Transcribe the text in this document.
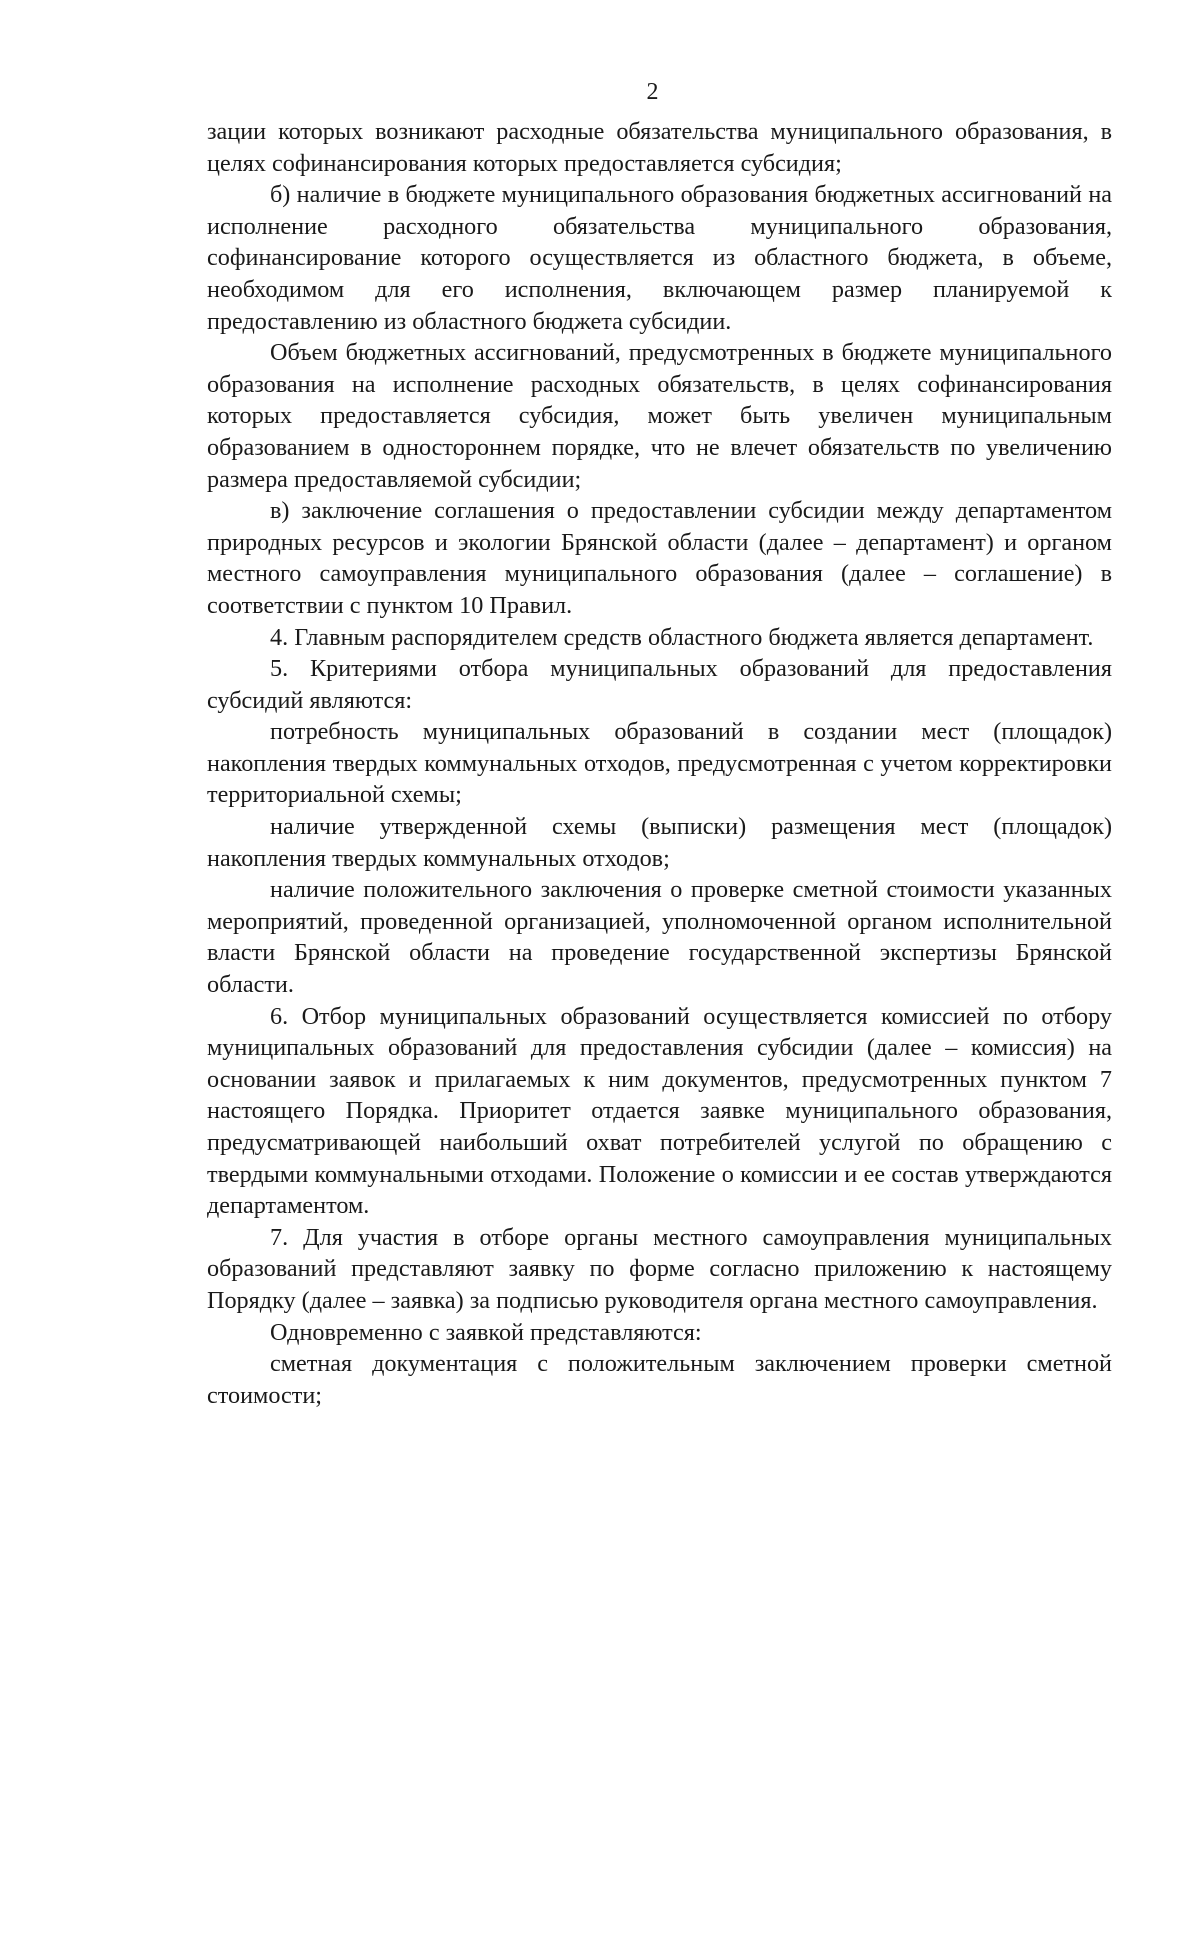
2

зации которых возникают расходные обязательства муниципального образования, в целях софинансирования которых предоставляется субсидия;

б) наличие в бюджете муниципального образования бюджетных ассигнований на исполнение расходного обязательства муниципального образования, софинансирование которого осуществляется из областного бюджета, в объеме, необходимом для его исполнения, включающем размер планируемой к предоставлению из областного бюджета субсидии.

Объем бюджетных ассигнований, предусмотренных в бюджете муниципального образования на исполнение расходных обязательств, в целях софинансирования которых предоставляется субсидия, может быть увеличен муниципальным образованием в одностороннем порядке, что не влечет обязательств по увеличению размера предоставляемой субсидии;

в) заключение соглашения о предоставлении субсидии между департаментом природных ресурсов и экологии Брянской области (далее – департамент) и органом местного самоуправления муниципального образования (далее – соглашение) в соответствии с пунктом 10 Правил.

4. Главным распорядителем средств областного бюджета является департамент.

5. Критериями отбора муниципальных образований для предоставления субсидий являются:

потребность муниципальных образований в создании мест (площадок) накопления твердых коммунальных отходов, предусмотренная с учетом корректировки территориальной схемы;

наличие утвержденной схемы (выписки) размещения мест (площадок) накопления твердых коммунальных отходов;

наличие положительного заключения о проверке сметной стоимости указанных мероприятий, проведенной организацией, уполномоченной органом исполнительной власти Брянской области на проведение государственной экспертизы Брянской области.

6. Отбор муниципальных образований осуществляется комиссией по отбору муниципальных образований для предоставления субсидии (далее – комиссия) на основании заявок и прилагаемых к ним документов, предусмотренных пунктом 7 настоящего Порядка. Приоритет отдается заявке муниципального образования, предусматривающей наибольший охват потребителей услугой по обращению с твердыми коммунальными отходами. Положение о комиссии и ее состав утверждаются департаментом.

7. Для участия в отборе органы местного самоуправления муниципальных образований представляют заявку по форме согласно приложению к настоящему Порядку (далее – заявка) за подписью руководителя органа местного самоуправления.

Одновременно с заявкой представляются:

сметная документация с положительным заключением проверки сметной стоимости;
